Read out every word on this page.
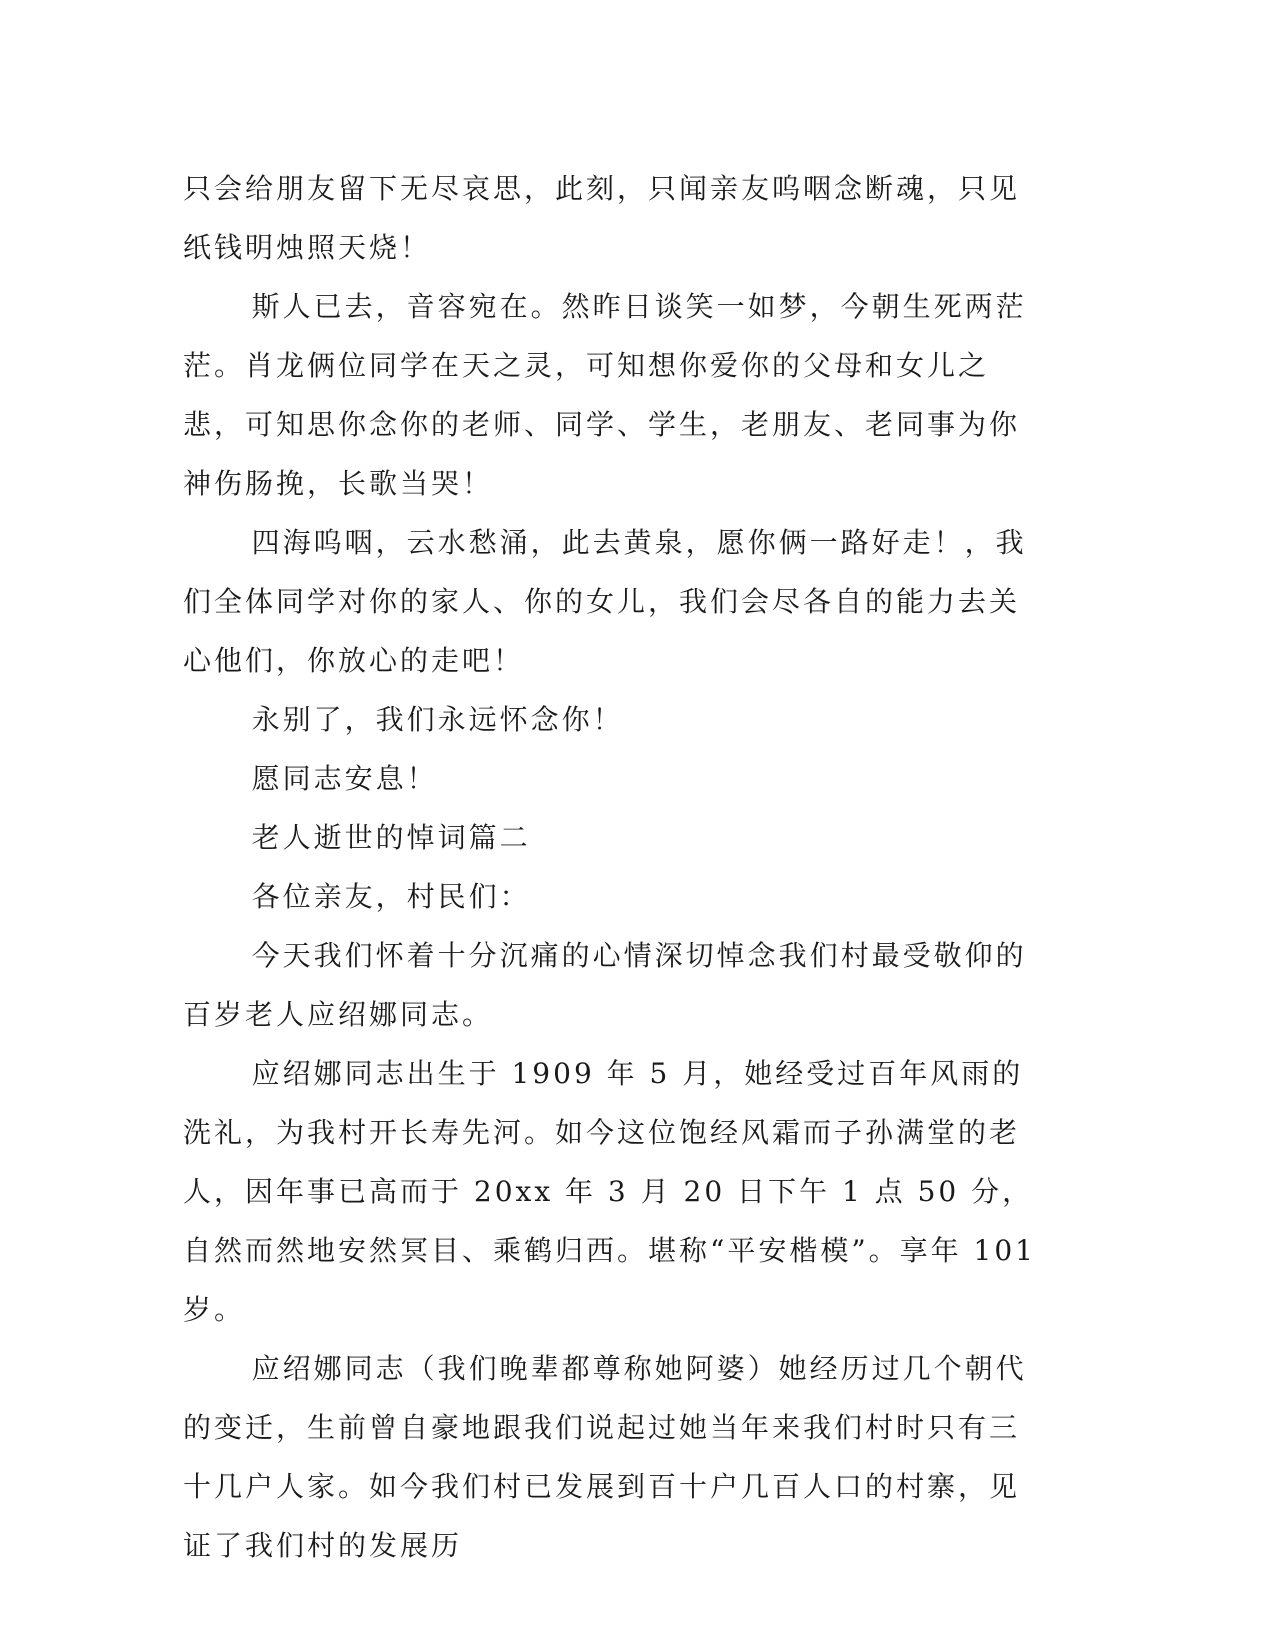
只会给朋友留下无尽哀思，此刻，只闻亲友呜咽念断魂，只见纸钱明烛照天烧！

斯人已去，音容宛在。然昨日谈笑一如梦，今朝生死两茫茫。肖龙俩位同学在天之灵，可知想你爱你的父母和女儿之悲，可知思你念你的老师、同学、学生，老朋友、老同事为你神伤肠挽，长歌当哭！

四海呜咽，云水愁涌，此去黄泉，愿你俩一路好走！，我们全体同学对你的家人、你的女儿，我们会尽各自的能力去关心他们，你放心的走吧！

永别了，我们永远怀念你！

愿同志安息！

老人逝世的悼词篇二

各位亲友，村民们：

今天我们怀着十分沉痛的心情深切悼念我们村最受敬仰的百岁老人应绍娜同志。

应绍娜同志出生于 1909 年 5 月，她经受过百年风雨的洗礼，为我村开长寿先河。如今这位饱经风霜而子孙满堂的老人，因年事已高而于 20xx 年 3 月 20 日下午 1 点 50 分，自然而然地安然冥目、乘鹤归西。堪称“平安楷模”。享年 101 岁。

应绍娜同志（我们晚辈都尊称她阿婆）她经历过几个朝代的变迁，生前曾自豪地跟我们说起过她当年来我们村时只有三十几户人家。如今我们村已发展到百十户几百人口的村寨，见证了我们村的发展历
